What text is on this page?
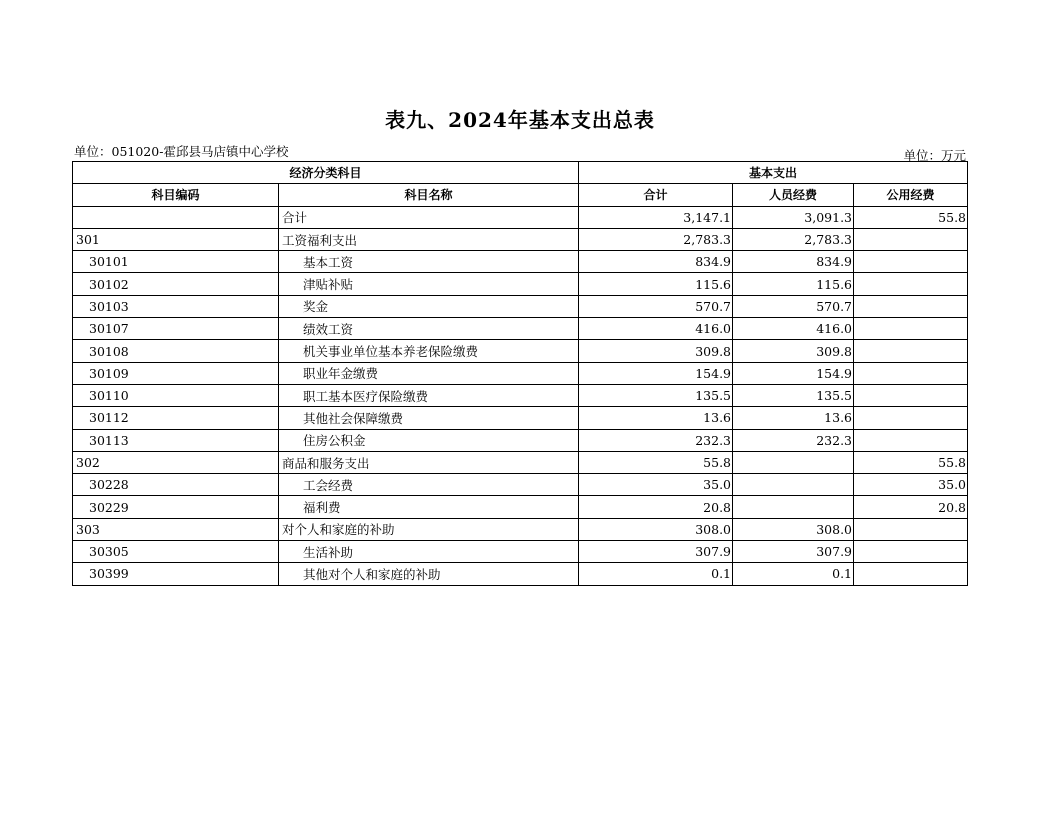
表九、2024年基本支出总表
单位：051020-霍邱县马店镇中心学校	单位：万元
经济分类科目		基本支出		
科目编码	科目名称	合计	人员经费	公用经费
	合计	3,147.1	3,091.3	55.8
301	工资福利支出	2,783.3	2,783.3	
30101	基本工资	834.9	834.9	
30102	津贴补贴	115.6	115.6	
30103	奖金	570.7	570.7	
30107	绩效工资	416.0	416.0	
30108	机关事业单位基本养老保险缴费	309.8	309.8	
30109	职业年金缴费	154.9	154.9	
30110	职工基本医疗保险缴费	135.5	135.5	
30112	其他社会保障缴费	13.6	13.6	
30113	住房公积金	232.3	232.3	
302	商品和服务支出	55.8		55.8
30228	工会经费	35.0		35.0
30229	福利费	20.8		20.8
303	对个人和家庭的补助	308.0	308.0	
30305	生活补助	307.9	307.9	
30399	其他对个人和家庭的补助	0.1	0.1	
